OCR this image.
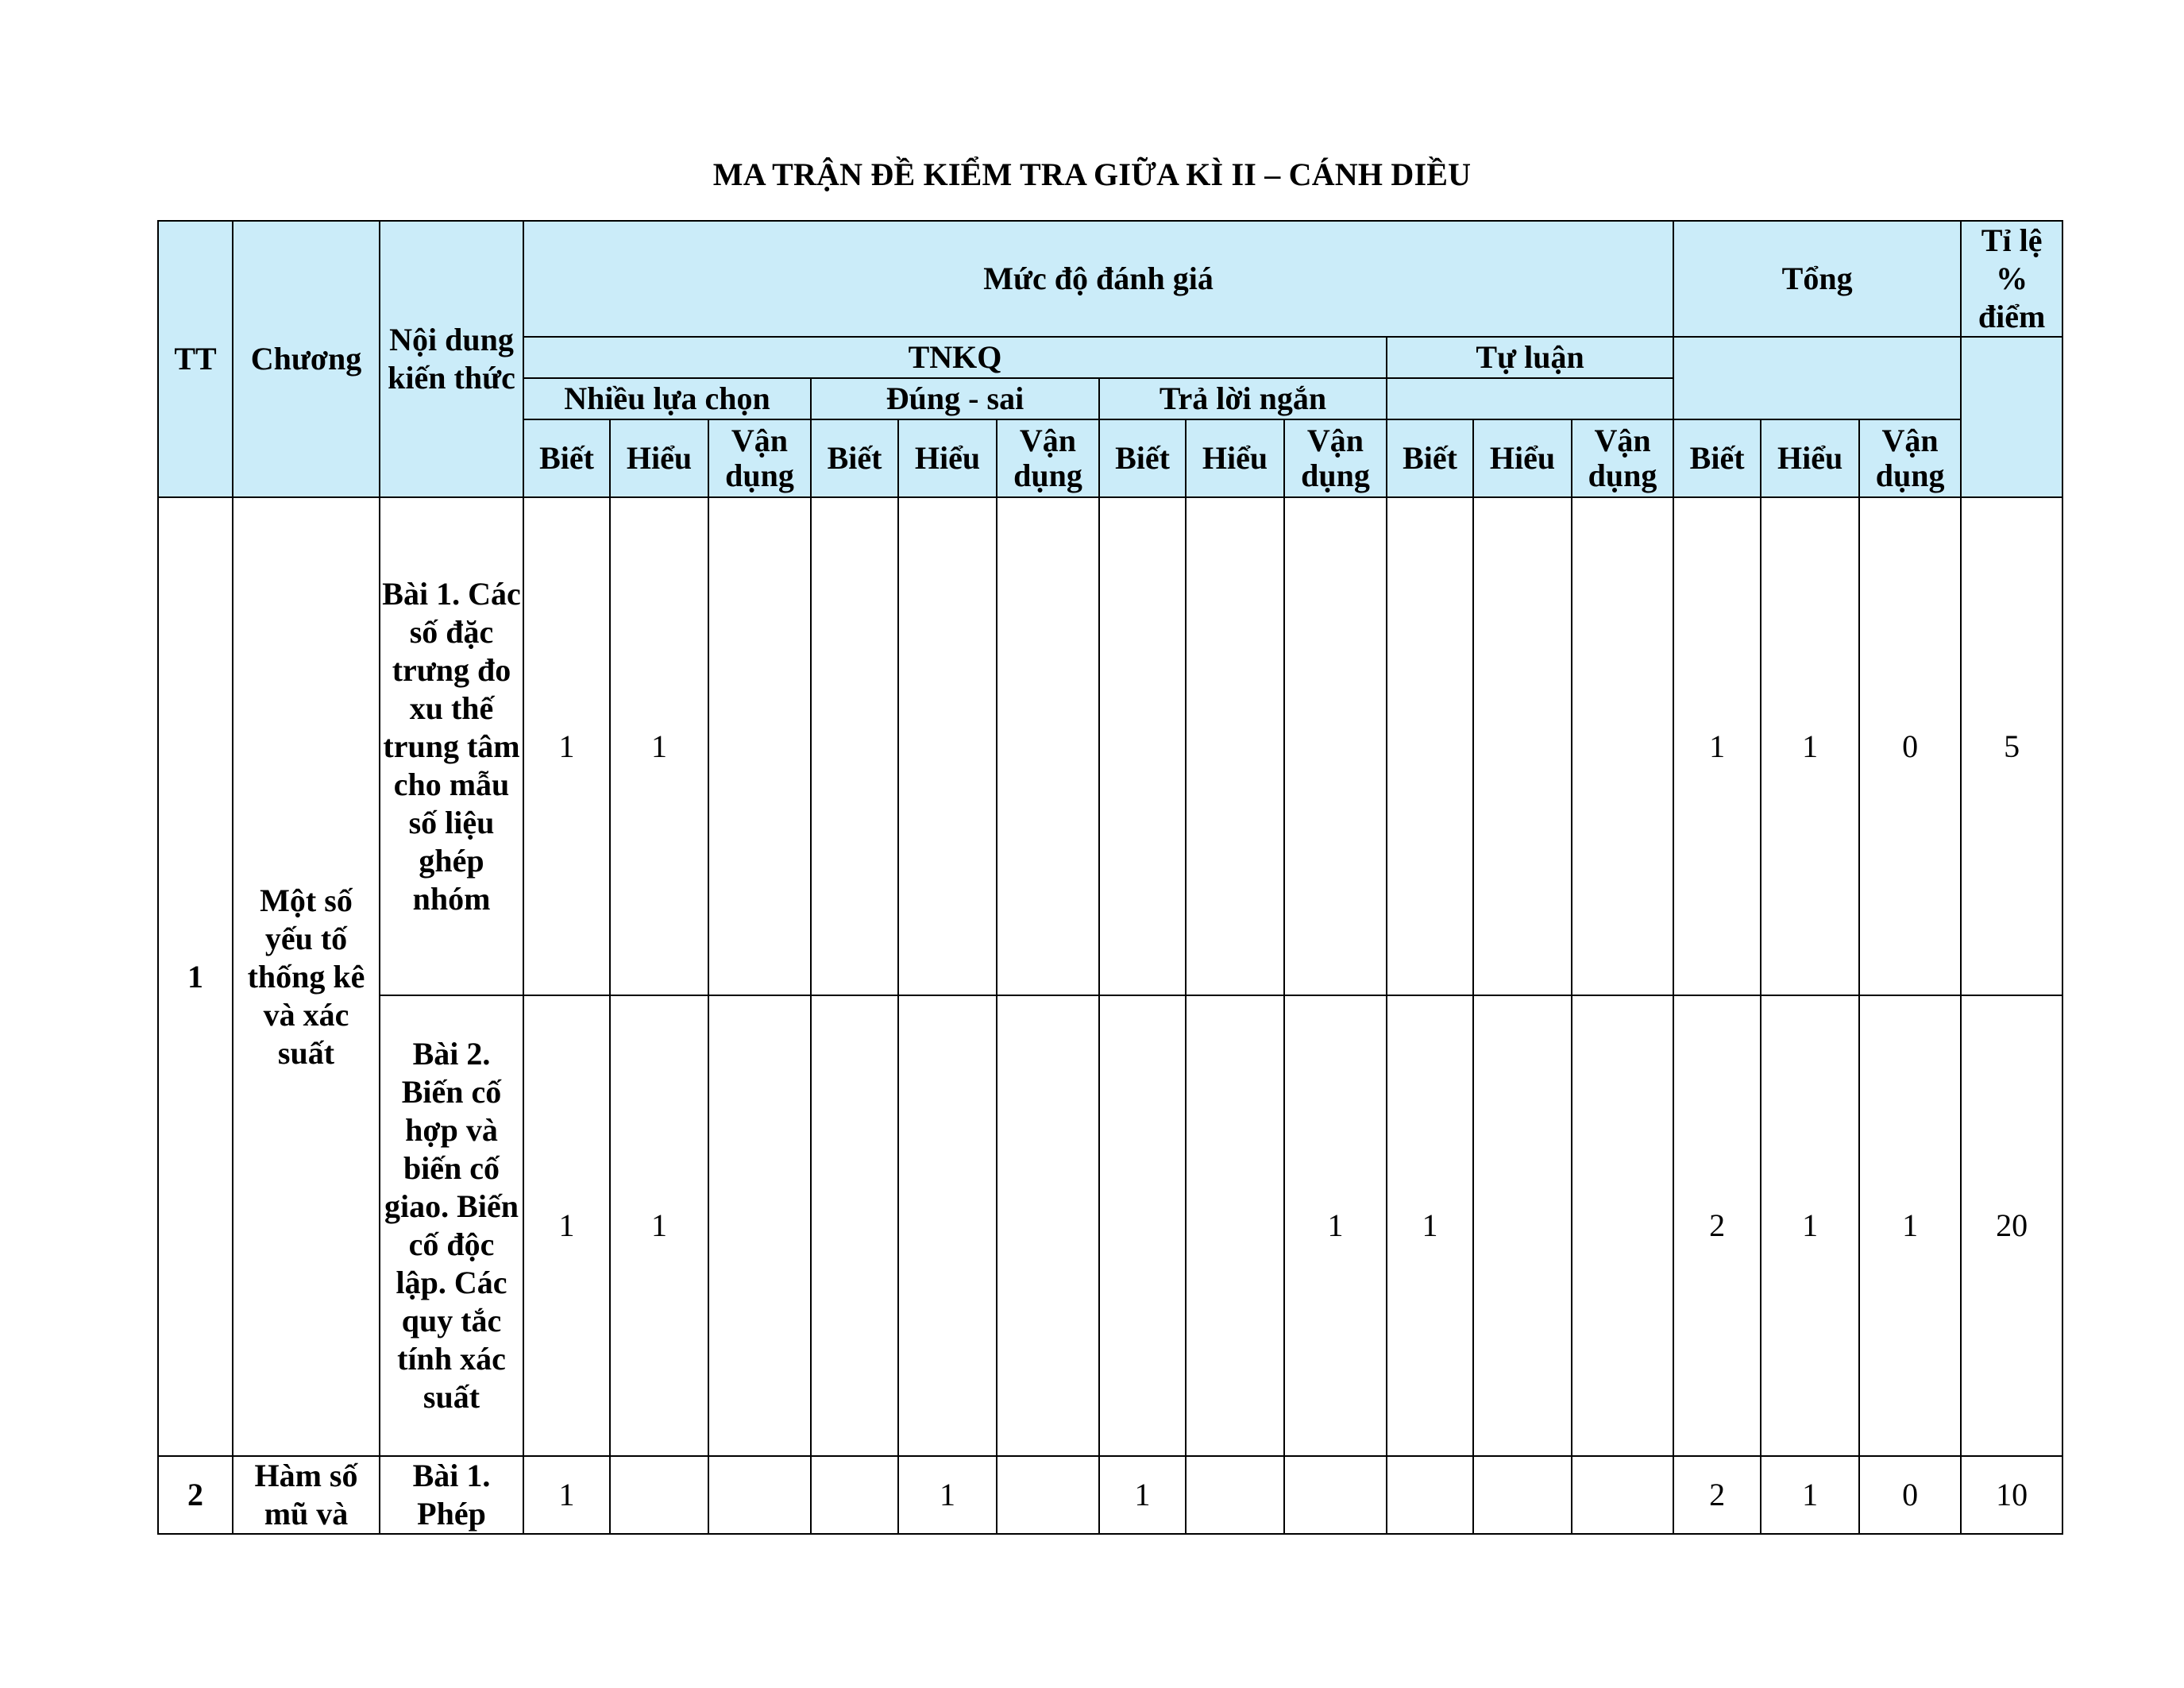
MA TRẬN ĐỀ KIỂM TRA GIỮA KÌ II – CÁNH DIỀU
TT	Chương	Nội dung kiến thức	Mức độ đánh giá												Tổng			Tỉ lệ % điểm
			TNKQ									Tự luận						
			Nhiều lựa chọn			Đúng - sai			Trả lời ngắn									
			Biết	Hiểu	Vận dụng	Biết	Hiểu	Vận dụng	Biết	Hiểu	Vận dụng	Biết	Hiểu	Vận dụng	Biết	Hiểu	Vận dụng	
1	Một số yếu tố thống kê và xác suất	Bài 1. Các số đặc trưng đo xu thế trung tâm cho mẫu số liệu ghép nhóm	1	1											1	1	0	5
		Bài 2. Biến cố hợp và biến cố giao. Biến cố độc lập. Các quy tắc tính xác suất	1	1							1	1			2	1	1	20
2	Hàm số mũ và	Bài 1. Phép	1				1		1						2	1	0	10
